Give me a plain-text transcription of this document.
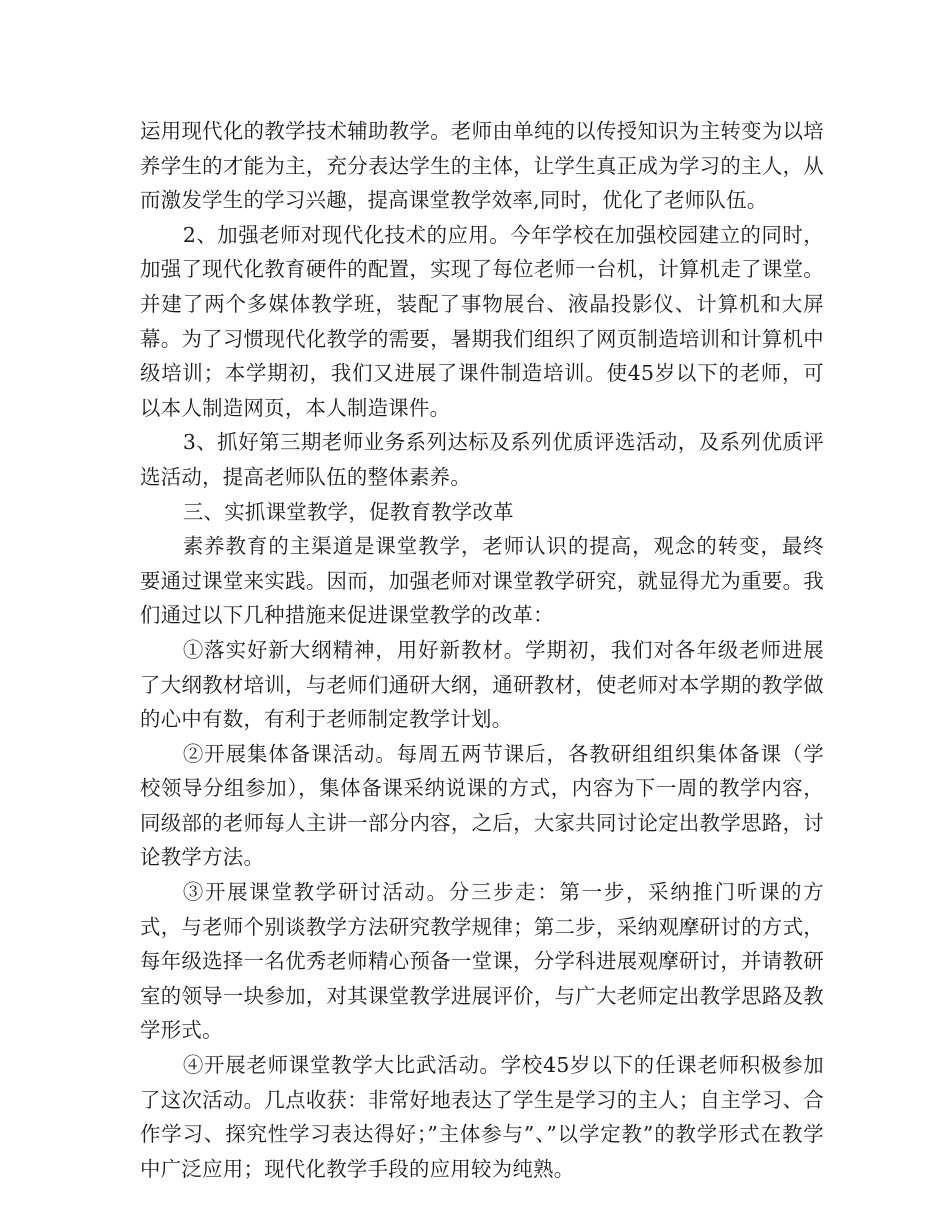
运用现代化的教学技术辅助教学。老师由单纯的以传授知识为主转变为以培养学生的才能为主，充分表达学生的主体，让学生真正成为学习的主人，从而激发学生的学习兴趣，提高课堂教学效率,同时，优化了老师队伍。

2、加强老师对现代化技术的应用。今年学校在加强校园建立的同时，加强了现代化教育硬件的配置，实现了每位老师一台机，计算机走了课堂。并建了两个多媒体教学班，装配了事物展台、液晶投影仪、计算机和大屏幕。为了习惯现代化教学的需要，暑期我们组织了网页制造培训和计算机中级培训；本学期初，我们又进展了课件制造培训。使45岁以下的老师，可以本人制造网页，本人制造课件。

3、抓好第三期老师业务系列达标及系列优质评选活动，及系列优质评选活动，提高老师队伍的整体素养。

三、实抓课堂教学，促教育教学改革

素养教育的主渠道是课堂教学，老师认识的提高，观念的转变，最终要通过课堂来实践。因而，加强老师对课堂教学研究，就显得尤为重要。我们通过以下几种措施来促进课堂教学的改革：

①落实好新大纲精神，用好新教材。学期初，我们对各年级老师进展了大纲教材培训，与老师们通研大纲，通研教材，使老师对本学期的教学做的心中有数，有利于老师制定教学计划。

②开展集体备课活动。每周五两节课后，各教研组组织集体备课（学校领导分组参加），集体备课采纳说课的方式，内容为下一周的教学内容，同级部的老师每人主讲一部分内容，之后，大家共同讨论定出教学思路，讨论教学方法。

③开展课堂教学研讨活动。分三步走：第一步，采纳推门听课的方式，与老师个别谈教学方法研究教学规律；第二步，采纳观摩研讨的方式，每年级选择一名优秀老师精心预备一堂课，分学科进展观摩研讨，并请教研室的领导一块参加，对其课堂教学进展评价，与广大老师定出教学思路及教学形式。

④开展老师课堂教学大比武活动。学校45岁以下的任课老师积极参加了这次活动。几点收获：非常好地表达了学生是学习的主人；自主学习、合作学习、探究性学习表达得好；”主体参与”、”以学定教”的教学形式在教学中广泛应用；现代化教学手段的应用较为纯熟。
